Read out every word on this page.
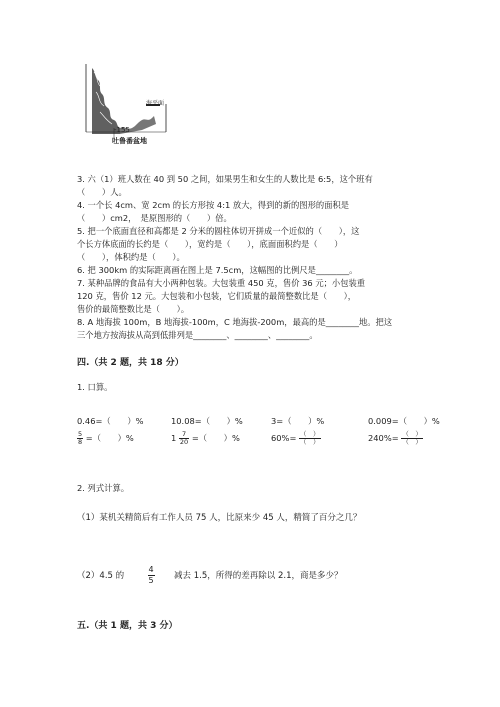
海平面
-155
吐鲁番盆地
3. 六（1）班人数在 40 到 50 之间，如果男生和女生的人数比是 6:5，这个班有
（　　）人。
4. 一个长 4cm、宽 2cm 的长方形按 4:1 放大，得到的新的图形的面积是
（　　）cm2，　是原图形的（　　）倍。
5. 把一个底面直径和高都是 2 分米的圆柱体切开拼成一个近似的（　　），这
个长方体底面的长约是（　　），宽约是（　　），底面面积约是（　　）
（　　），体积约是（　　）。
6. 把 300km 的实际距离画在图上是 7.5cm，这幅图的比例尺是________。
7. 某种品牌的食品有大小两种包装。大包装重 450 克，售价 36 元；小包装重
120 克，售价 12 元。大包装和小包装，它们质量的最简整数比是（　　），
售价的最简整数比是（　　）。
8. A 地海拔 100m，B 地海拔-100m，C 地海拔-200m，最高的是________地。把这
三个地方按海拔从高到低排列是________、________、________。
四.（共 2 题，共 18 分）
1. 口算。
0.46=（　　）%	10.08=（　　）%	3=（　　）%	0.009=（　　）%
$\frac{5}{8}$ =（　　）%	$1 \frac{7}{20}$ =（　　）%	$60\%= \frac{( )}{( )}$	$240\%= \frac{( )}{( )}$
2. 列式计算。
（1）某机关精简后有工作人员 75 人，比原来少 45 人，精简了百分之几？
（2）4.5 的	$\frac{4}{5}$ 减去 1.5，所得的差再除以 2.1，商是多少？
五.（共 1 题，共 3 分）
